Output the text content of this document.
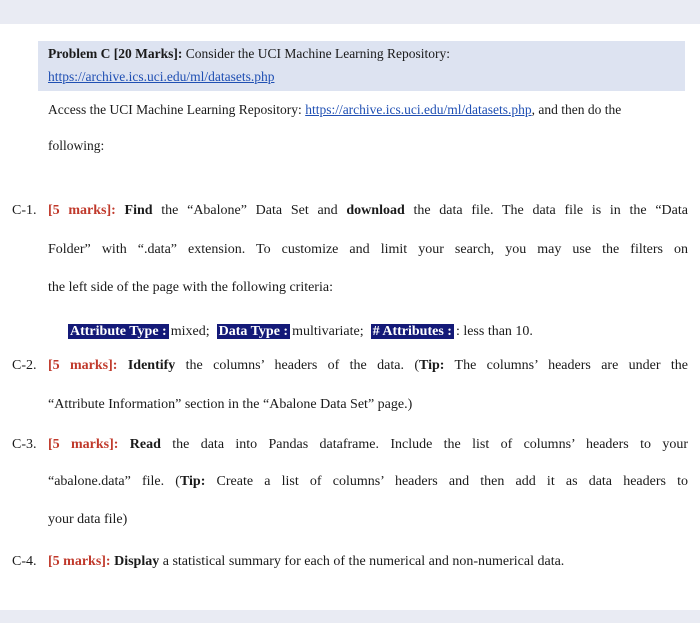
Problem C [20 Marks]: Consider the UCI Machine Learning Repository:
https://archive.ics.uci.edu/ml/datasets.php
Access the UCI Machine Learning Repository: https://archive.ics.uci.edu/ml/datasets.php, and then do the
following:
C-1. [5 marks]: Find the “Abalone” Data Set and download the data file. The data file is in the “Data
Folder” with “.data” extension. To customize and limit your search, you may use the filters on
the left side of the page with the following criteria:
Attribute Type : mixed; Data Type : multivariate; # Attributes : : less than 10.
C-2. [5 marks]: Identify the columns’ headers of the data. (Tip: The columns’ headers are under the
“Attribute Information” section in the “Abalone Data Set” page.)
C-3. [5 marks]: Read the data into Pandas dataframe. Include the list of columns’ headers to your
“abalone.data” file. (Tip: Create a list of columns’ headers and then add it as data headers to
your data file)
C-4. [5 marks]: Display a statistical summary for each of the numerical and non-numerical data.
